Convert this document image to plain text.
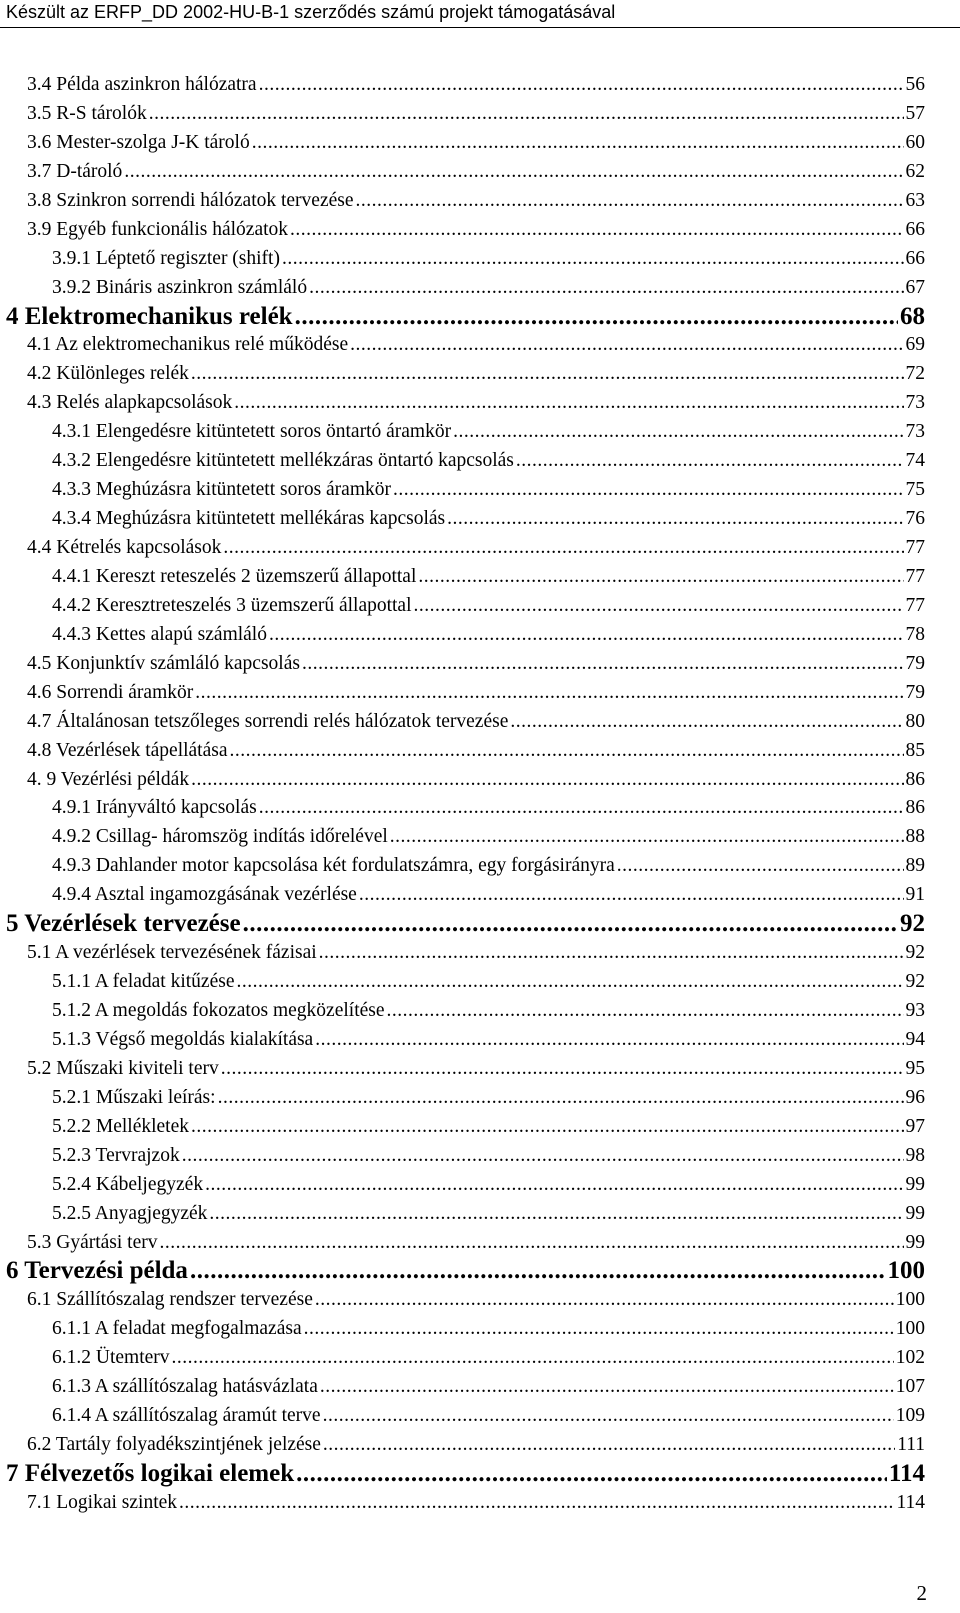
Készült az ERFP_DD 2002-HU-B-1 szerződés számú projekt támogatásával
3.4 Példa aszinkron hálózatra .....	56
3.5 R-S tárolók .....	57
3.6 Mester-szolga J-K tároló .....	60
3.7 D-tároló .....	62
3.8 Szinkron sorrendi hálózatok tervezése .....	63
3.9 Egyéb funkcionális hálózatok .....	66
3.9.1 Léptető regiszter (shift) .....	66
3.9.2 Bináris aszinkron számláló .....	67
4 Elektromechanikus relék .....	68
4.1 Az elektromechanikus relé működése .....	69
4.2 Különleges relék .....	72
4.3 Relés alapkapcsolások .....	73
4.3.1 Elengedésre kitüntetett soros öntartó áramkör .....	73
4.3.2 Elengedésre kitüntetett mellékzáras öntartó kapcsolás .....	74
4.3.3 Meghúzásra kitüntetett soros áramkör .....	75
4.3.4 Meghúzásra kitüntetett mellékáras kapcsolás .....	76
4.4 Kétrelés kapcsolások .....	77
4.4.1 Kereszt reteszelés 2 üzemszerű állapottal .....	77
4.4.2 Keresztreteszelés 3 üzemszerű állapottal .....	77
4.4.3 Kettes alapú számláló .....	78
4.5 Konjunktív számláló kapcsolás .....	79
4.6 Sorrendi áramkör .....	79
4.7 Általánosan tetszőleges sorrendi relés hálózatok tervezése .....	80
4.8 Vezérlések tápellátása .....	85
4. 9 Vezérlési példák .....	86
4.9.1 Irányváltó kapcsolás .....	86
4.9.2 Csillag- háromszög indítás időrelével .....	88
4.9.3 Dahlander motor kapcsolása két fordulatszámra, egy forgásirányra .....	89
4.9.4 Asztal ingamozgásának vezérlése .....	91
5 Vezérlések tervezése .....	92
5.1 A vezérlések tervezésének fázisai .....	92
5.1.1 A feladat kitűzése .....	92
5.1.2 A megoldás fokozatos megközelítése .....	93
5.1.3 Végső megoldás kialakítása .....	94
5.2 Műszaki kiviteli terv .....	95
5.2.1 Műszaki leírás: .....	96
5.2.2 Mellékletek .....	97
5.2.3 Tervrajzok .....	98
5.2.4 Kábeljegyzék .....	99
5.2.5 Anyagjegyzék .....	99
5.3 Gyártási terv .....	99
6 Tervezési példa .....	100
6.1 Szállítószalag rendszer tervezése .....	100
6.1.1 A feladat megfogalmazása .....	100
6.1.2 Ütemterv .....	102
6.1.3 A szállítószalag hatásvázlata .....	107
6.1.4 A szállítószalag áramút terve .....	109
6.2 Tartály folyadékszintjének jelzése .....	111
7 Félvezetős logikai elemek .....	114
7.1 Logikai szintek .....	114
2
